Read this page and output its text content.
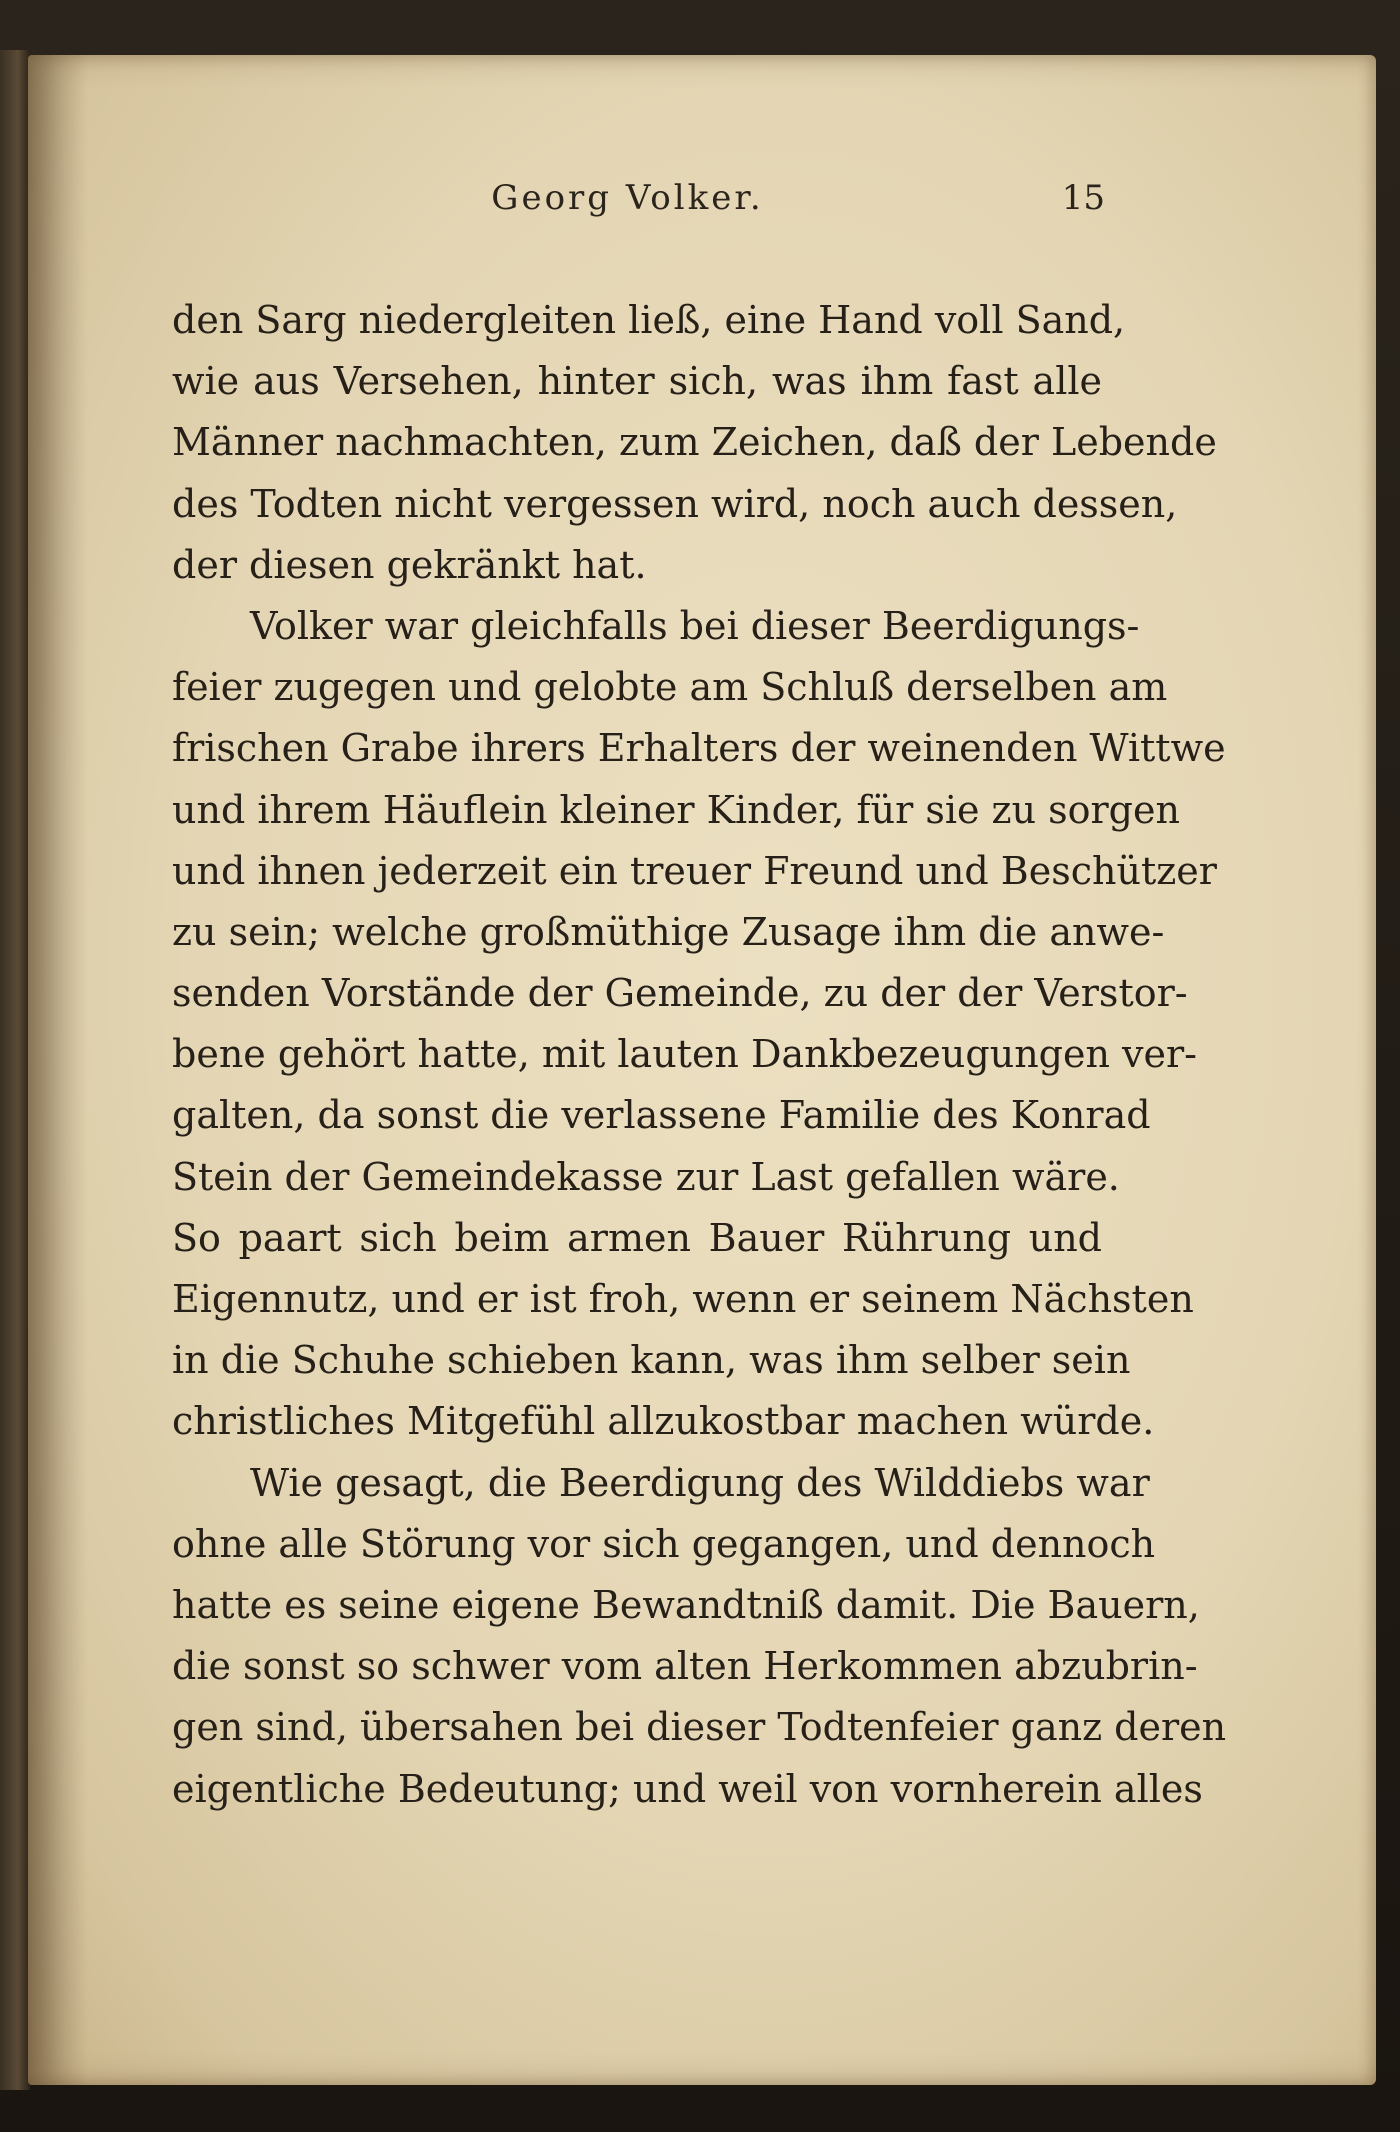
Georg Volker.	15
den Sarg niedergleiten ließ, eine Hand voll Sand,
wie aus Versehen, hinter sich, was ihm fast alle
Männer nachmachten, zum Zeichen, daß der Lebende
des Todten nicht vergessen wird, noch auch dessen,
der diesen gekränkt hat.
Volker war gleichfalls bei dieser Beerdigungs-
feier zugegen und gelobte am Schluß derselben am
frischen Grabe ihrers Erhalters der weinenden Wittwe
und ihrem Häuflein kleiner Kinder, für sie zu sorgen
und ihnen jederzeit ein treuer Freund und Beschützer
zu sein; welche großmüthige Zusage ihm die anwe-
senden Vorstände der Gemeinde, zu der der Verstor-
bene gehört hatte, mit lauten Dankbezeugungen ver-
galten, da sonst die verlassene Familie des Konrad
Stein der Gemeindekasse zur Last gefallen wäre.
So paart sich beim armen Bauer Rührung und
Eigennutz, und er ist froh, wenn er seinem Nächsten
in die Schuhe schieben kann, was ihm selber sein
christliches Mitgefühl allzukostbar machen würde.
Wie gesagt, die Beerdigung des Wilddiebs war
ohne alle Störung vor sich gegangen, und dennoch
hatte es seine eigene Bewandtniß damit. Die Bauern,
die sonst so schwer vom alten Herkommen abzubrin-
gen sind, übersahen bei dieser Todtenfeier ganz deren
eigentliche Bedeutung; und weil von vornherein alles
